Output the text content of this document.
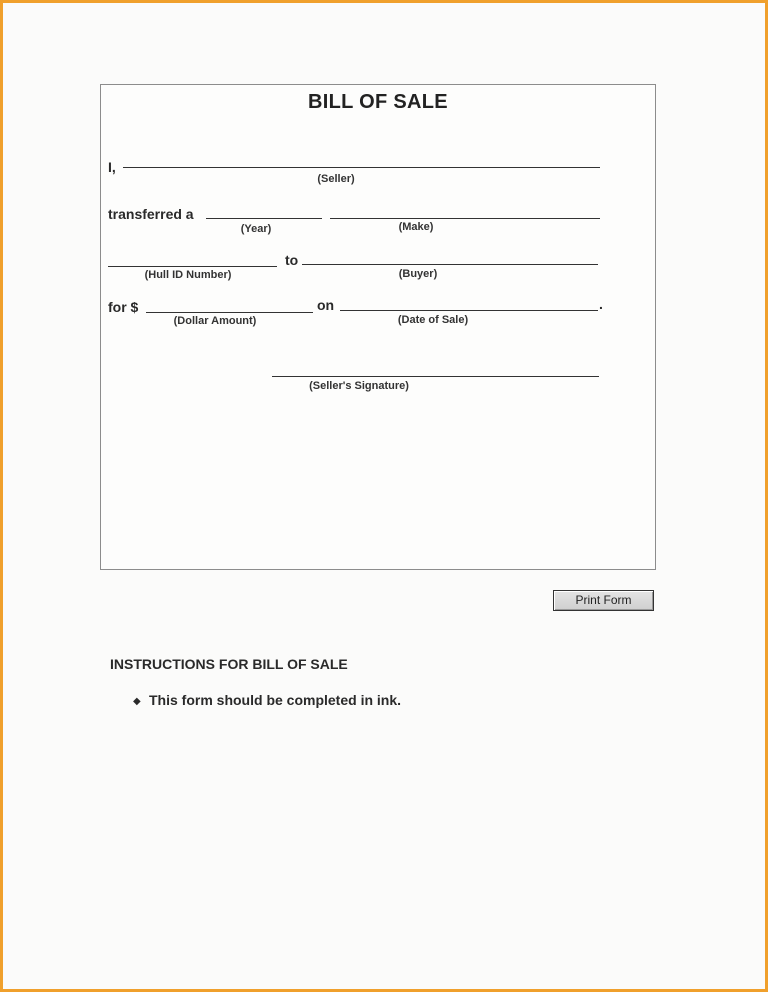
BILL OF SALE
I,
(Seller)
transferred a
(Year)	(Make)
to
(Hull ID Number)	(Buyer)
for $	on	.
(Dollar Amount)	(Date of Sale)
(Seller's Signature)
Print Form
INSTRUCTIONS FOR BILL OF SALE
◆ This form should be completed in ink.
